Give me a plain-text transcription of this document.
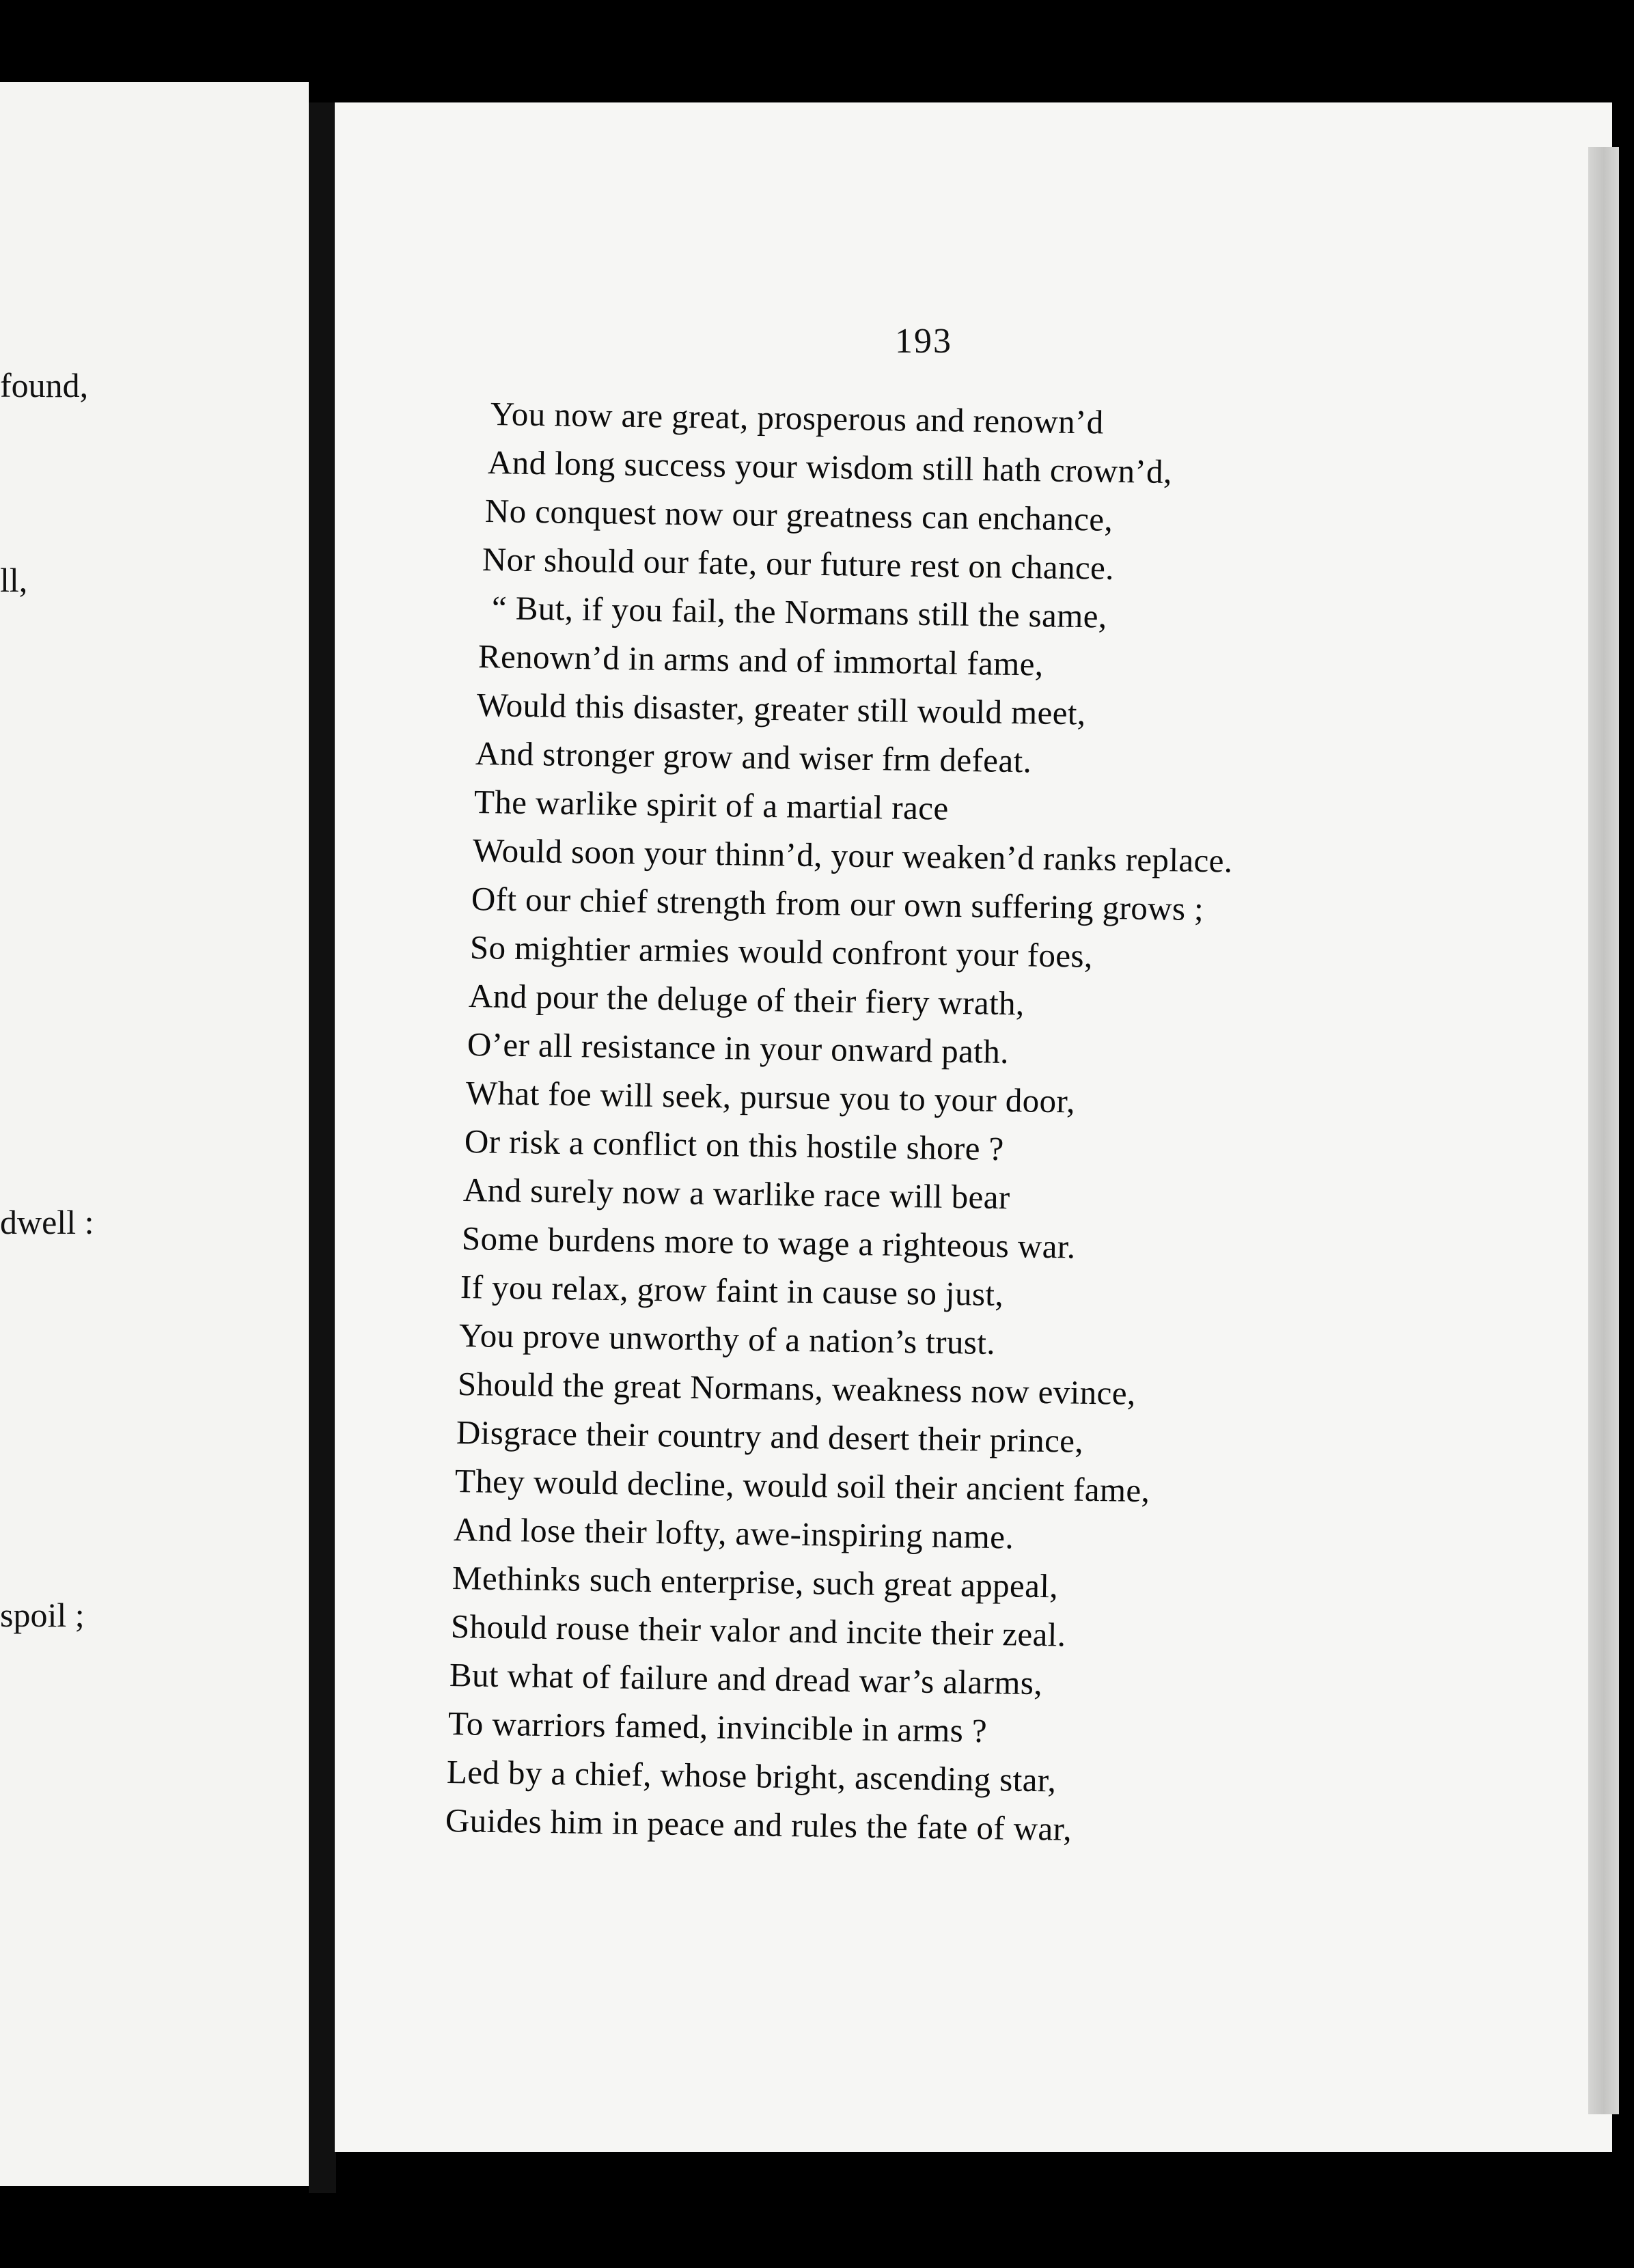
found,
ll,
dwell :
spoil ;
193
You now are great, prosperous and renown’d
And long success your wisdom still hath crown’d,
No conquest now our greatness can enchance,
Nor should our fate, our future rest on chance.
“ But, if you fail, the Normans still the same,
Renown’d in arms and of immortal fame,
Would this disaster, greater still would meet,
And stronger grow and wiser frm defeat.
The warlike spirit of a martial race
Would soon your thinn’d, your weaken’d ranks replace.
Oft our chief strength from our own suffering grows ;
So mightier armies would confront your foes,
And pour the deluge of their fiery wrath,
O’er all resistance in your onward path.
What foe will seek, pursue you to your door,
Or risk a conflict on this hostile shore ?
And surely now a warlike race will bear
Some burdens more to wage a righteous war.
If you relax, grow faint in cause so just,
You prove unworthy of a nation’s trust.
Should the great Normans, weakness now evince,
Disgrace their country and desert their prince,
They would decline, would soil their ancient fame,
And lose their lofty, awe-inspiring name.
Methinks such enterprise, such great appeal,
Should rouse their valor and incite their zeal.
But what of failure and dread war’s alarms,
To warriors famed, invincible in arms ?
Led by a chief, whose bright, ascending star,
Guides him in peace and rules the fate of war,
